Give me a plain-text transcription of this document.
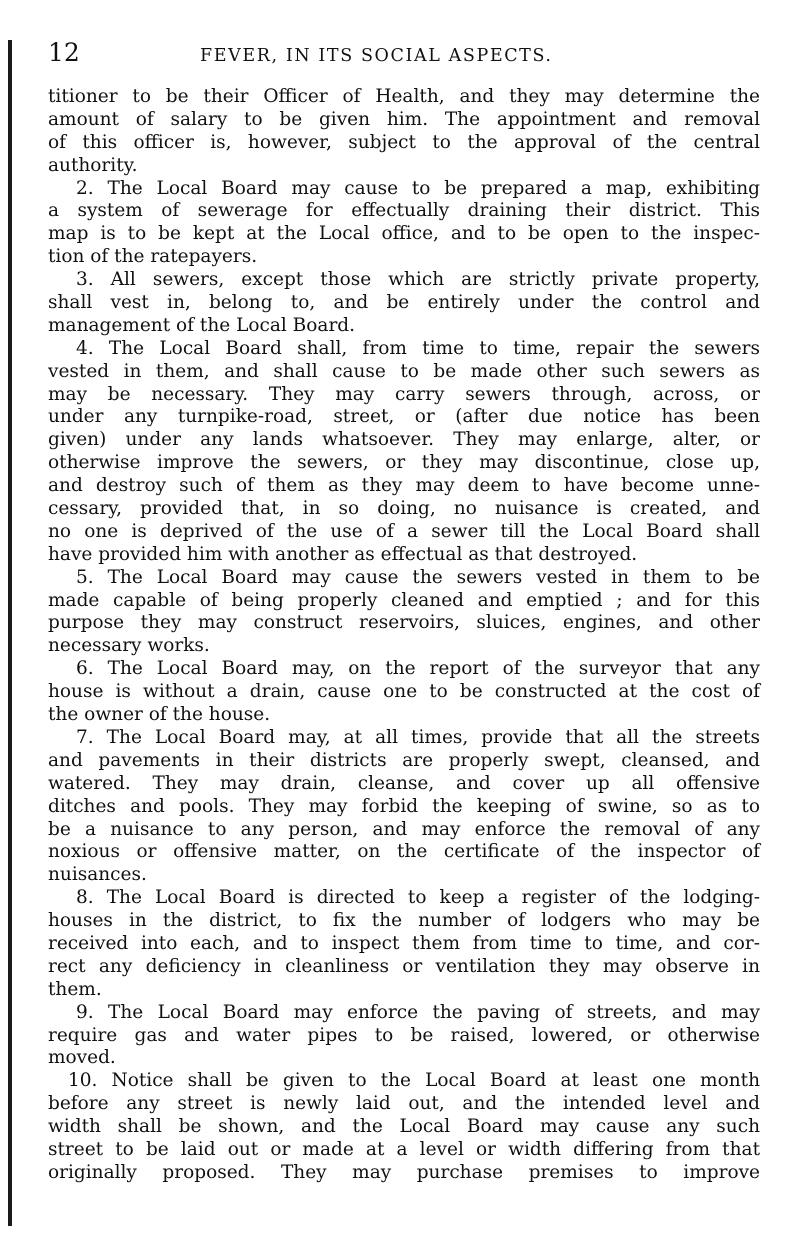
12	FEVER, IN ITS SOCIAL ASPECTS.
titioner to be their Officer of Health, and they may determine the
amount of salary to be given him. The appointment and removal
of this officer is, however, subject to the approval of the central
authority.
2. The Local Board may cause to be prepared a map, exhibiting
a system of sewerage for effectually draining their district. This
map is to be kept at the Local office, and to be open to the inspec-
tion of the ratepayers.
3. All sewers, except those which are strictly private property,
shall vest in, belong to, and be entirely under the control and
management of the Local Board.
4. The Local Board shall, from time to time, repair the sewers
vested in them, and shall cause to be made other such sewers as
may be necessary. They may carry sewers through, across, or
under any turnpike-road, street, or (after due notice has been
given) under any lands whatsoever. They may enlarge, alter, or
otherwise improve the sewers, or they may discontinue, close up,
and destroy such of them as they may deem to have become unne-
cessary, provided that, in so doing, no nuisance is created, and
no one is deprived of the use of a sewer till the Local Board shall
have provided him with another as effectual as that destroyed.
5. The Local Board may cause the sewers vested in them to be
made capable of being properly cleaned and emptied ; and for this
purpose they may construct reservoirs, sluices, engines, and other
necessary works.
6. The Local Board may, on the report of the surveyor that any
house is without a drain, cause one to be constructed at the cost of
the owner of the house.
7. The Local Board may, at all times, provide that all the streets
and pavements in their districts are properly swept, cleansed, and
watered. They may drain, cleanse, and cover up all offensive
ditches and pools. They may forbid the keeping of swine, so as to
be a nuisance to any person, and may enforce the removal of any
noxious or offensive matter, on the certificate of the inspector of
nuisances.
8. The Local Board is directed to keep a register of the lodging-
houses in the district, to fix the number of lodgers who may be
received into each, and to inspect them from time to time, and cor-
rect any deficiency in cleanliness or ventilation they may observe in
them.
9. The Local Board may enforce the paving of streets, and may
require gas and water pipes to be raised, lowered, or otherwise
moved.
10. Notice shall be given to the Local Board at least one month
before any street is newly laid out, and the intended level and
width shall be shown, and the Local Board may cause any such
street to be laid out or made at a level or width differing from that
originally proposed. They may purchase premises to improve
